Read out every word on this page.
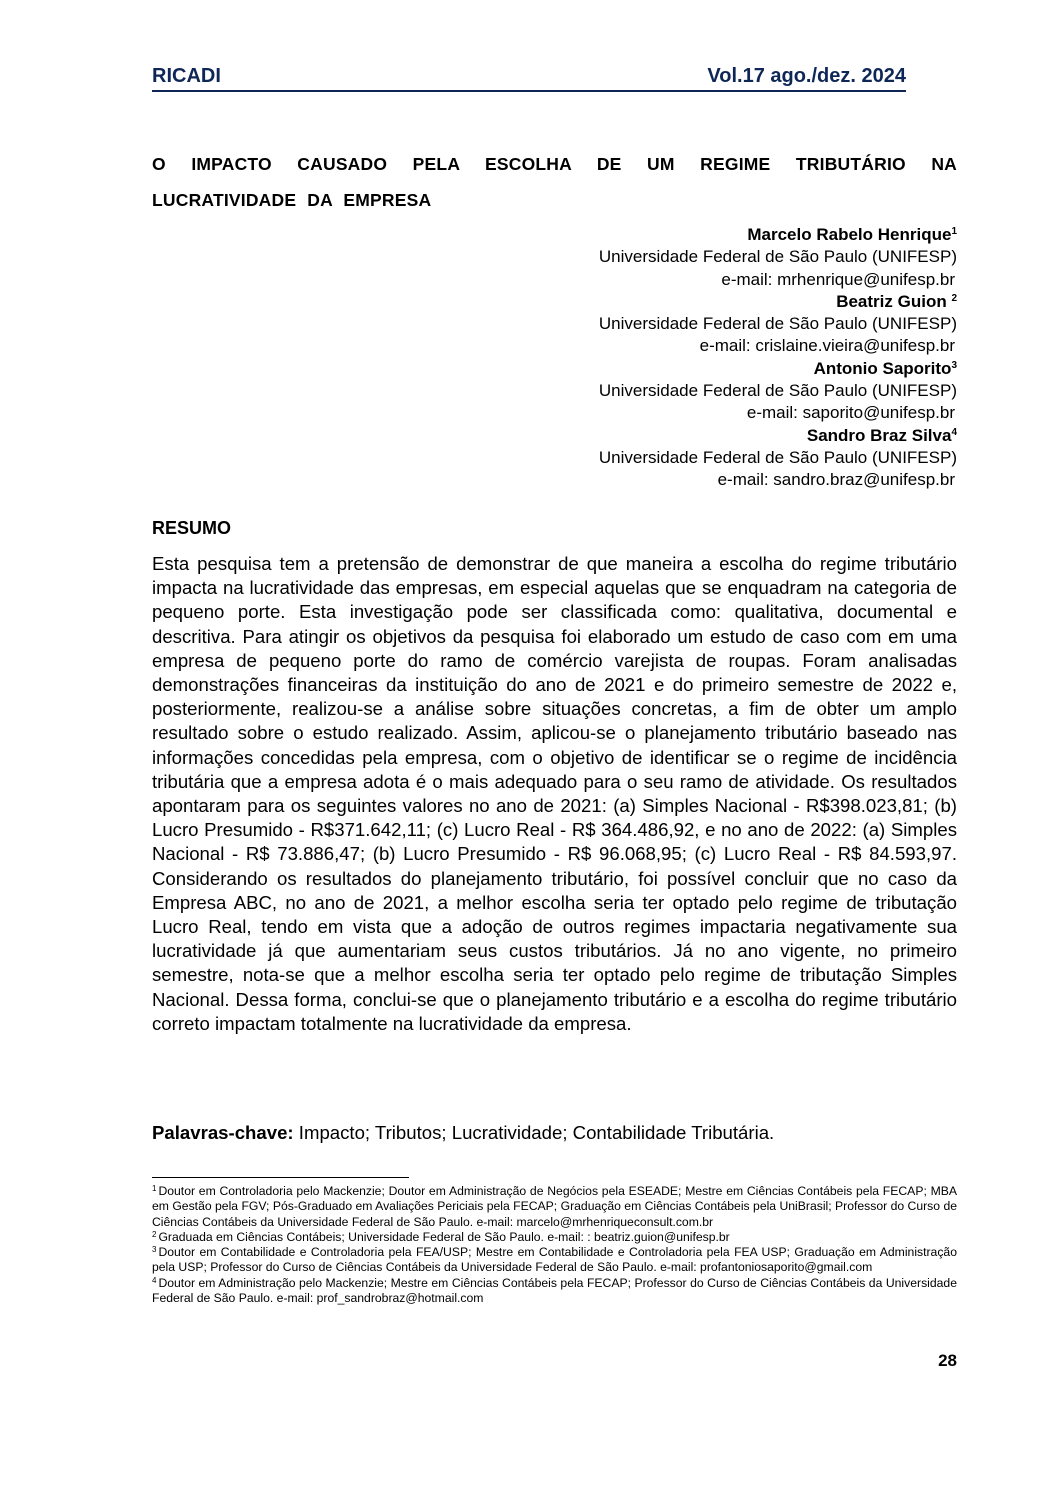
RICADI	Vol.17 ago./dez. 2024
O IMPACTO CAUSADO PELA ESCOLHA DE UM REGIME TRIBUTÁRIO NA LUCRATIVIDADE DA EMPRESA
Marcelo Rabelo Henrique$^1$
Universidade Federal de São Paulo (UNIFESP)
e-mail: mrhenrique@unifesp.br
Beatriz Guion $^2$
Universidade Federal de São Paulo (UNIFESP)
e-mail: crislaine.vieira@unifesp.br
Antonio Saporito$^3$
Universidade Federal de São Paulo (UNIFESP)
e-mail: saporito@unifesp.br
Sandro Braz Silva$^4$
Universidade Federal de São Paulo (UNIFESP)
e-mail: sandro.braz@unifesp.br
RESUMO

Esta pesquisa tem a pretensão de demonstrar de que maneira a escolha do regime tributário impacta na lucratividade das empresas, em especial aquelas que se enquadram na categoria de pequeno porte. Esta investigação pode ser classificada como: qualitativa, documental e descritiva. Para atingir os objetivos da pesquisa foi elaborado um estudo de caso com em uma empresa de pequeno porte do ramo de comércio varejista de roupas. Foram analisadas demonstrações financeiras da instituição do ano de 2021 e do primeiro semestre de 2022 e, posteriormente, realizou-se a análise sobre situações concretas, a fim de obter um amplo resultado sobre o estudo realizado. Assim, aplicou-se o planejamento tributário baseado nas informações concedidas pela empresa, com o objetivo de identificar se o regime de incidência tributária que a empresa adota é o mais adequado para o seu ramo de atividade. Os resultados apontaram para os seguintes valores no ano de 2021: (a) Simples Nacional - R$398.023,81; (b) Lucro Presumido - R$371.642,11; (c) Lucro Real - R$ 364.486,92, e no ano de 2022: (a) Simples Nacional - R$ 73.886,47; (b) Lucro Presumido - R$ 96.068,95; (c) Lucro Real - R$ 84.593,97. Considerando os resultados do planejamento tributário, foi possível concluir que no caso da Empresa ABC, no ano de 2021, a melhor escolha seria ter optado pelo regime de tributação Lucro Real, tendo em vista que a adoção de outros regimes impactaria negativamente sua lucratividade já que aumentariam seus custos tributários. Já no ano vigente, no primeiro semestre, nota-se que a melhor escolha seria ter optado pelo regime de tributação Simples Nacional. Dessa forma, conclui-se que o planejamento tributário e a escolha do regime tributário correto impactam totalmente na lucratividade da empresa.

Palavras-chave: Impacto; Tributos; Lucratividade; Contabilidade Tributária.

$^1$ Doutor em Controladoria pelo Mackenzie; Doutor em Administração de Negócios pela ESEADE; Mestre em Ciências Contábeis pela FECAP; MBA em Gestão pela FGV; Pós-Graduado em Avaliações Periciais pela FECAP; Graduação em Ciências Contábeis pela UniBrasil; Professor do Curso de Ciências Contábeis da Universidade Federal de São Paulo. e-mail: marcelo@mrhenriqueconsult.com.br

$^2$ Graduada em Ciências Contábeis; Universidade Federal de São Paulo. e-mail: : beatriz.guion@unifesp.br

$^3$ Doutor em Contabilidade e Controladoria pela FEA/USP; Mestre em Contabilidade e Controladoria pela FEA USP; Graduação em Administração pela USP; Professor do Curso de Ciências Contábeis da Universidade Federal de São Paulo. e-mail: profantoniosaporito@gmail.com

$^4$ Doutor em Administração pelo Mackenzie; Mestre em Ciências Contábeis pela FECAP; Professor do Curso de Ciências Contábeis da Universidade Federal de São Paulo. e-mail: prof_sandrobraz@hotmail.com

28
